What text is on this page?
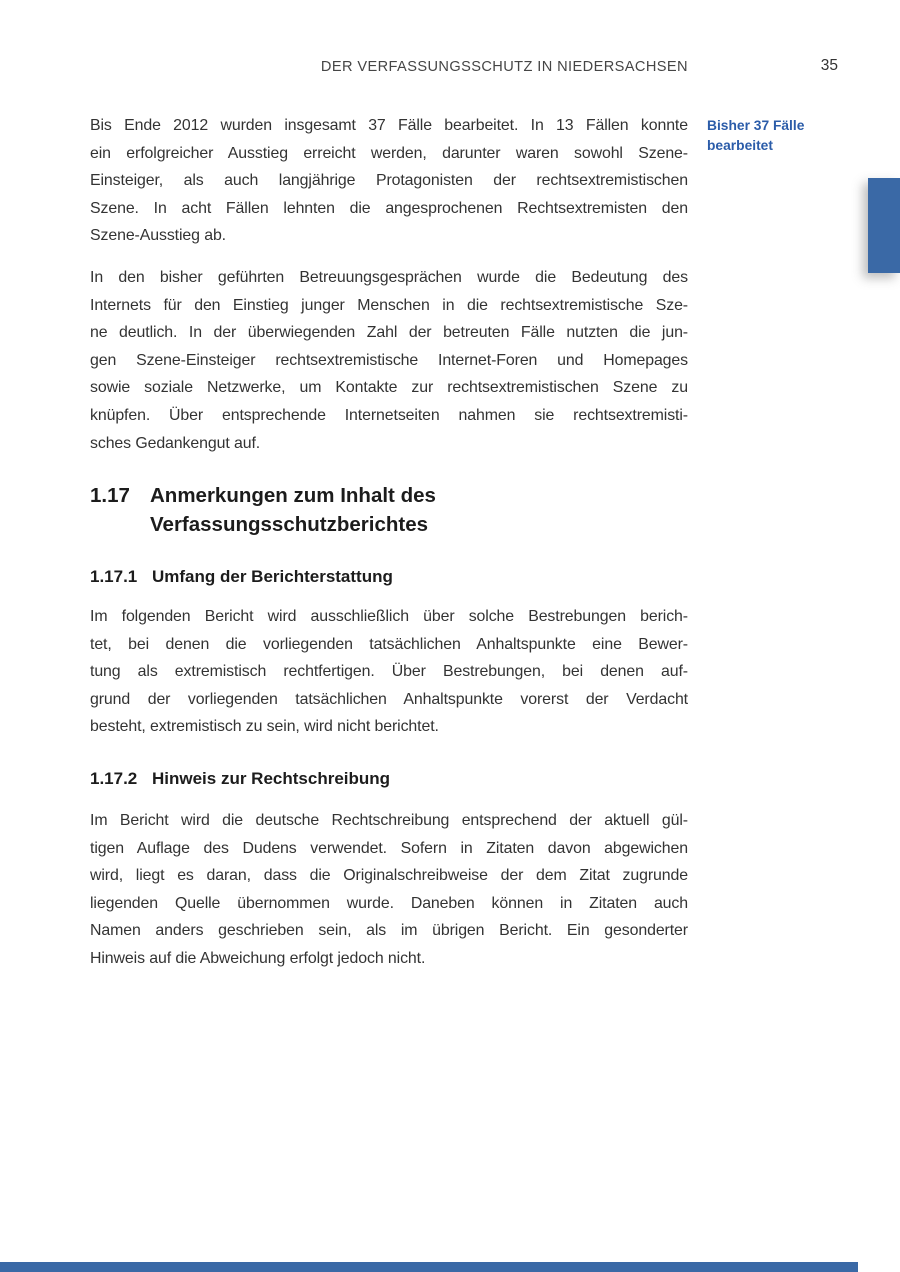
DER VERFASSUNGSSCHUTZ IN NIEDERSACHSEN	35
Bis Ende 2012 wurden insgesamt 37 Fälle bearbeitet. In 13 Fällen konnte
ein erfolgreicher Ausstieg erreicht werden, darunter waren sowohl Szene-
Einsteiger, als auch langjährige Protagonisten der rechtsextremistischen
Szene. In acht Fällen lehnten die angesprochenen Rechtsextremisten den
Szene-Ausstieg ab.
Bisher 37 Fälle
bearbeitet
In den bisher geführten Betreuungsgesprächen wurde die Bedeutung des
Internets für den Einstieg junger Menschen in die rechtsextremistische Sze-
ne deutlich. In der überwiegenden Zahl der betreuten Fälle nutzten die jun-
gen Szene-Einsteiger rechtsextremistische Internet-Foren und Homepages
sowie soziale Netzwerke, um Kontakte zur rechtsextremistischen Szene zu
knüpfen. Über entsprechende Internetseiten nahmen sie rechtsextremisti-
sches Gedankengut auf.
1.17 Anmerkungen zum Inhalt des
Verfassungsschutzberichtes
1.17.1 Umfang der Berichterstattung
Im folgenden Bericht wird ausschließlich über solche Bestrebungen berich-
tet, bei denen die vorliegenden tatsächlichen Anhaltspunkte eine Bewer-
tung als extremistisch rechtfertigen. Über Bestrebungen, bei denen auf-
grund der vorliegenden tatsächlichen Anhaltspunkte vorerst der Verdacht
besteht, extremistisch zu sein, wird nicht berichtet.
1.17.2 Hinweis zur Rechtschreibung
Im Bericht wird die deutsche Rechtschreibung entsprechend der aktuell gül-
tigen Auflage des Dudens verwendet. Sofern in Zitaten davon abgewichen
wird, liegt es daran, dass die Originalschreibweise der dem Zitat zugrunde
liegenden Quelle übernommen wurde. Daneben können in Zitaten auch
Namen anders geschrieben sein, als im übrigen Bericht. Ein gesonderter
Hinweis auf die Abweichung erfolgt jedoch nicht.
